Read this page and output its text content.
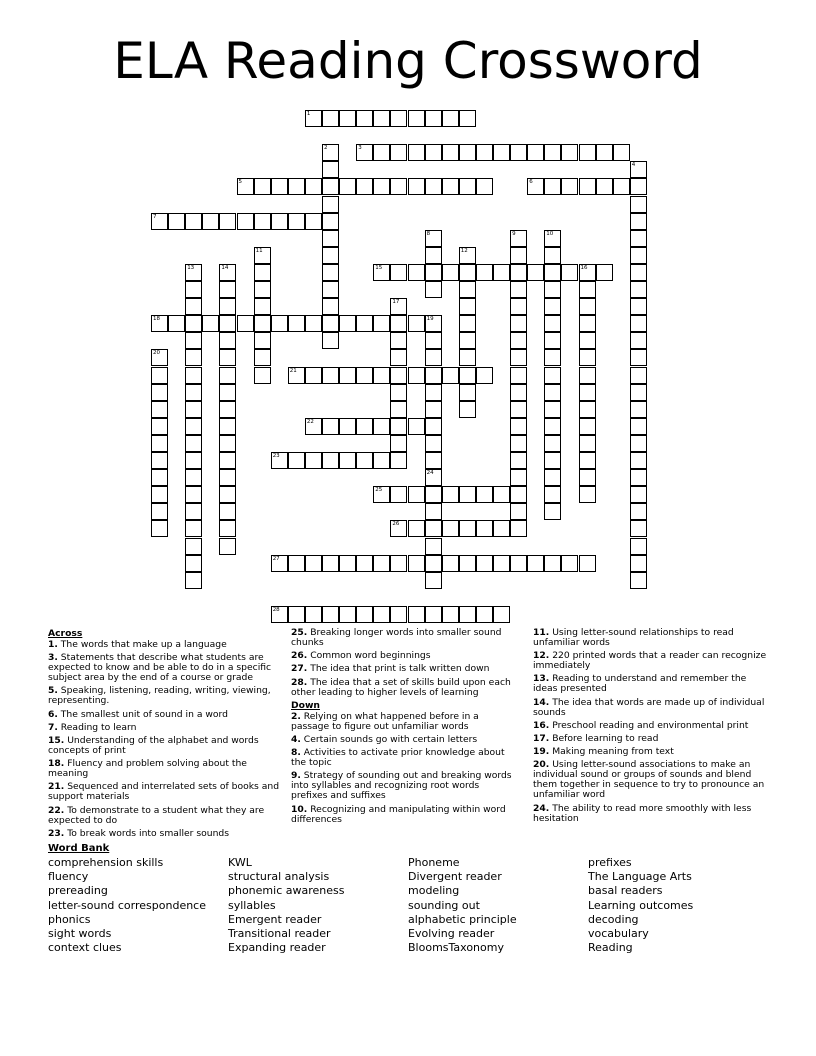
ELA Reading Crossword
1
2	3
4
5	6
7
8	9	10
11	12
13	14	15	16
17
18	19
20
21
22
23
24
25
26
27
28
Across
1. The words that make up a language
3. Statements that describe what students are expected to know and be able to do in a specific subject area by the end of a course or grade
5. Speaking, listening, reading, writing, viewing, representing.
6. The smallest unit of sound in a word
7. Reading to learn
15. Understanding of the alphabet and words concepts of print
18. Fluency and problem solving about the meaning
21. Sequenced and interrelated sets of books and support materials
22. To demonstrate to a student what they are expected to do
23. To break words into smaller sounds
25. Breaking longer words into smaller sound chunks
26. Common word beginnings
27. The idea that print is talk written down
28. The idea that a set of skills build upon each other leading to higher levels of learning
Down
2. Relying on what happened before in a passage to figure out unfamiliar words
4. Certain sounds go with certain letters
8. Activities to activate prior knowledge about the topic
9. Strategy of sounding out and breaking words into syllables and recognizing root words prefixes and suffixes
10. Recognizing and manipulating within word differences
11. Using letter-sound relationships to read unfamiliar words
12. 220 printed words that a reader can recognize immediately
13. Reading to understand and remember the ideas presented
14. The idea that words are made up of individual sounds
16. Preschool reading and environmental print
17. Before learning to read
19. Making meaning from text
20. Using letter-sound associations to make an individual sound or groups of sounds and blend them together in sequence to try to pronounce an unfamiliar word
24. The ability to read more smoothly with less hesitation
Word Bank
comprehension skills	KWL	Phoneme	prefixes
fluency	structural analysis	Divergent reader	The Language Arts
prereading	phonemic awareness	modeling	basal readers
letter-sound correspondence	syllables	sounding out	Learning outcomes
phonics	Emergent reader	alphabetic principle	decoding
sight words	Transitional reader	Evolving reader	vocabulary
context clues	Expanding reader	BloomsTaxonomy	Reading
